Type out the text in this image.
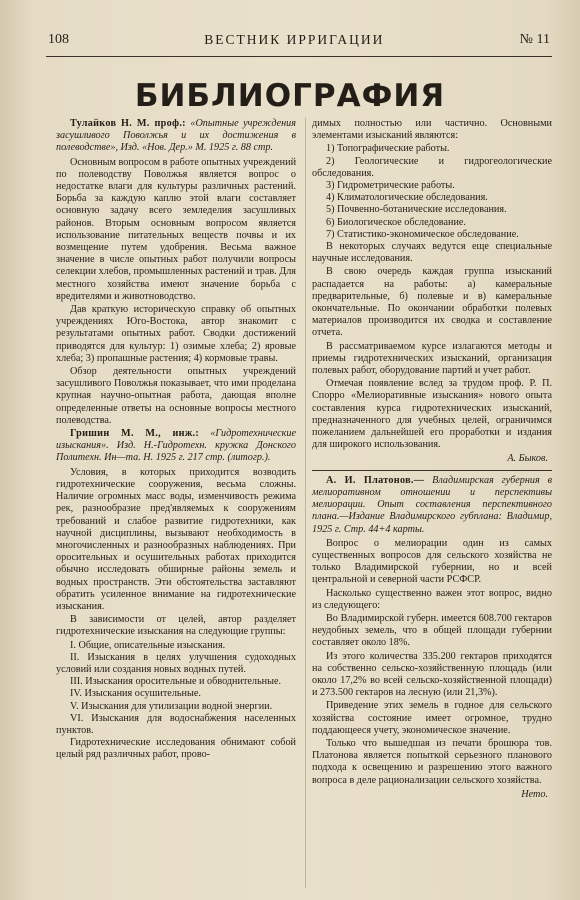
108	ВЕСТНИК ИРРИГАЦИИ	№ 11
БИБЛИОГРАФИЯ
Тулайков Н. М. проф.: «Опытные учреждения засушливого Поволжья и их достижения в полеводстве», Изд. «Нов. Дер.» М. 1925 г. 88 стр.

Основным вопросом в работе опытных учреждений по полеводству Поволжья является вопрос о недостатке влаги для культуры различных растений. Борьба за каждую каплю этой влаги составляет основную задачу всего земледелия засушливых районов. Вторым основным вопросом является использование питательных веществ почвы и их возмещение путем удобрения. Весьма важное значение в числе опытных работ получили вопросы селекции хлебов, промышленных растений и трав. Для местного хозяйства имеют значение борьба с вредителями и животноводство.

Дав краткую историческую справку об опытных учреждениях Юго-Востока, автор знакомит с результатами опытных работ. Сводки достижений приводятся для культур: 1) озимые хлеба; 2) яровые хлеба; 3) пропашные растения; 4) кормовые травы.

Обзор деятельности опытных учреждений засушливого Поволжья показывает, что ими проделана крупная научно-опытная работа, дающая вполне определенные ответы на основные вопросы местного полеводства.

Гришин М. М., инж.: «Гидротехнические изыскания». Изд. Н.-Гидротехн. кружка Донского Политехн. Ин—та. Н. 1925 г. 217 стр. (литогр.).

Условия, в которых приходится возводить гидротехнические сооружения, весьма сложны. Наличие огромных масс воды, изменчивость режима рек, разнообразие пред'являемых к сооружениям требований и слабое развитие гидротехники, как научной дисциплины, вызывают необходимость в многочисленных и разнообразных наблюдениях. При оросительных и осушительных работах приходится обычно исследовать обширные районы земель и водных пространств. Эти обстоятельства заставляют обратить усиленное внимание на гидротехнические изыскания.

В зависимости от целей, автор разделяет гидротехнические изыскания на следующие группы:

I. Общие, описательные изыскания.
II. Изыскания в целях улучшения судоходных условий или создания новых водных путей.
III. Изыскания оросительные и обводнительные.
IV. Изыскания осушительные.
V. Изыскания для утилизации водной энергии.
VI. Изыскания для водоснабжения населенных пунктов.

Гидротехнические исследования обнимают собой целый ряд различных работ, прово-

димых полностью или частично. Основными элементами изысканий являются:

1) Топографические работы.
2) Геологические и гидрогеологические обследования.
3) Гидрометрические работы.
4) Климатологические обследования.
5) Почвенно-ботанические исследования.
6) Биологическое обследование.
7) Статистико-экономическое обследование.

В некоторых случаях ведутся еще специальные научные исследования.

В свою очередь каждая группа изысканий распадается на работы: а) камеральные предварительные, б) полевые и в) камеральные окончательные. По окончании обработки полевых материалов производится их сводка и составление отчета.

В рассматриваемом курсе излагаются методы и приемы гидротехнических изысканий, организация полевых работ, оборудование партий и учет работ.

Отмечая появление вслед за трудом проф. Р. П. Спорро «Мелиоративные изыскания» нового опыта составления курса гидротехнических изысканий, предназначенного для учебных целей, ограничимся пожеланием дальнейшей его проработки и издания для широкого использования.

А. Быков.
А. И. Платонов.— Владимирская губерния в мелиоративном отношении и перспективы мелиорации. Опыт составления перспективного плана.—Издание Владимирского губплана: Владимир, 1925 г. Стр. 44+4 карты.

Вопрос о мелиорации один из самых существенных вопросов для сельского хозяйства не только Владимирской губернии, но и всей центральной и северной части РСФСР.

Насколько существенно важен этот вопрос, видно из следующего:

Во Владимирской губерн. имеется 608.700 гектаров неудобных земель, что в общей площади губернии составляет около 18%.

Из этого количества 335.200 гектаров приходятся на собственно сельско-хозяйственную площадь (или около 17,2% во всей сельско-хозяйственной площади) и 273.500 гектаров на лесную (или 21,3%).

Приведение этих земель в годное для сельского хозяйства состояние имеет огромное, трудно поддающееся учету, экономическое значение.

Только что вышедшая из печати брошюра тов. Платонова является попыткой серьезного планового подхода к освещению и разрешению этого важного вопроса в деле рационализации сельского хозяйства.

Нето.
